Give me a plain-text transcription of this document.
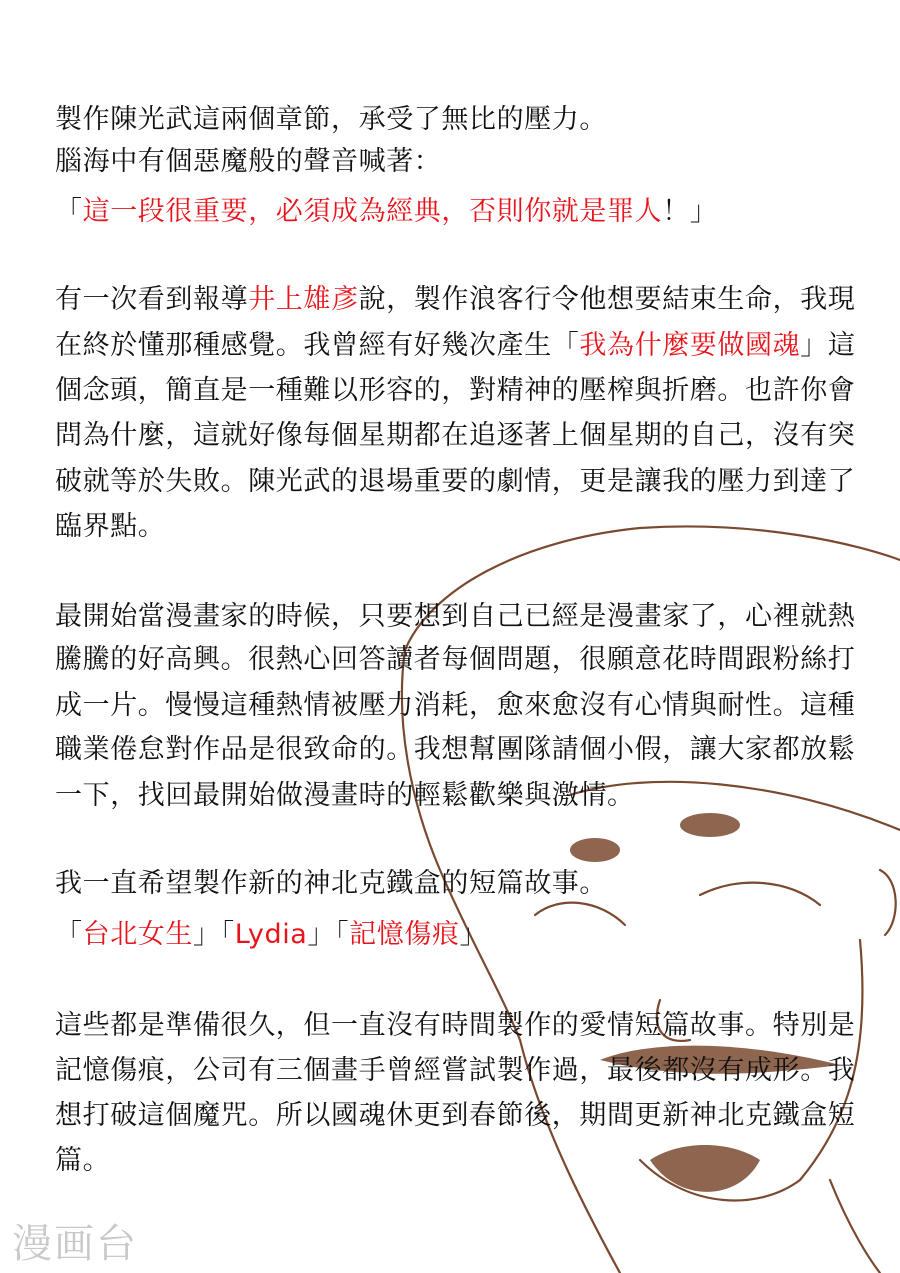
製作陳光武這兩個章節，承受了無比的壓力。
腦海中有個惡魔般的聲音喊著：
「這一段很重要，必須成為經典，否則你就是罪人！」
有一次看到報導井上雄彥說，製作浪客行令他想要結束生命，我現
在終於懂那種感覺。我曾經有好幾次產生「我為什麼要做國魂」這
個念頭，簡直是一種難以形容的，對精神的壓榨與折磨。也許你會
問為什麼，這就好像每個星期都在追逐著上個星期的自己，沒有突
破就等於失敗。陳光武的退場重要的劇情，更是讓我的壓力到達了
臨界點。
最開始當漫畫家的時候，只要想到自己已經是漫畫家了，心裡就熱
騰騰的好高興。很熱心回答讀者每個問題，很願意花時間跟粉絲打
成一片。慢慢這種熱情被壓力消耗，愈來愈沒有心情與耐性。這種
職業倦怠對作品是很致命的。我想幫團隊請個小假，讓大家都放鬆
一下，找回最開始做漫畫時的輕鬆歡樂與激情。
我一直希望製作新的神北克鐵盒的短篇故事。
「台北女生」「Lydia」「記憶傷痕」
這些都是準備很久，但一直沒有時間製作的愛情短篇故事。特別是
記憶傷痕，公司有三個畫手曾經嘗試製作過，最後都沒有成形。我
想打破這個魔咒。所以國魂休更到春節後，期間更新神北克鐵盒短
篇。
漫画台
